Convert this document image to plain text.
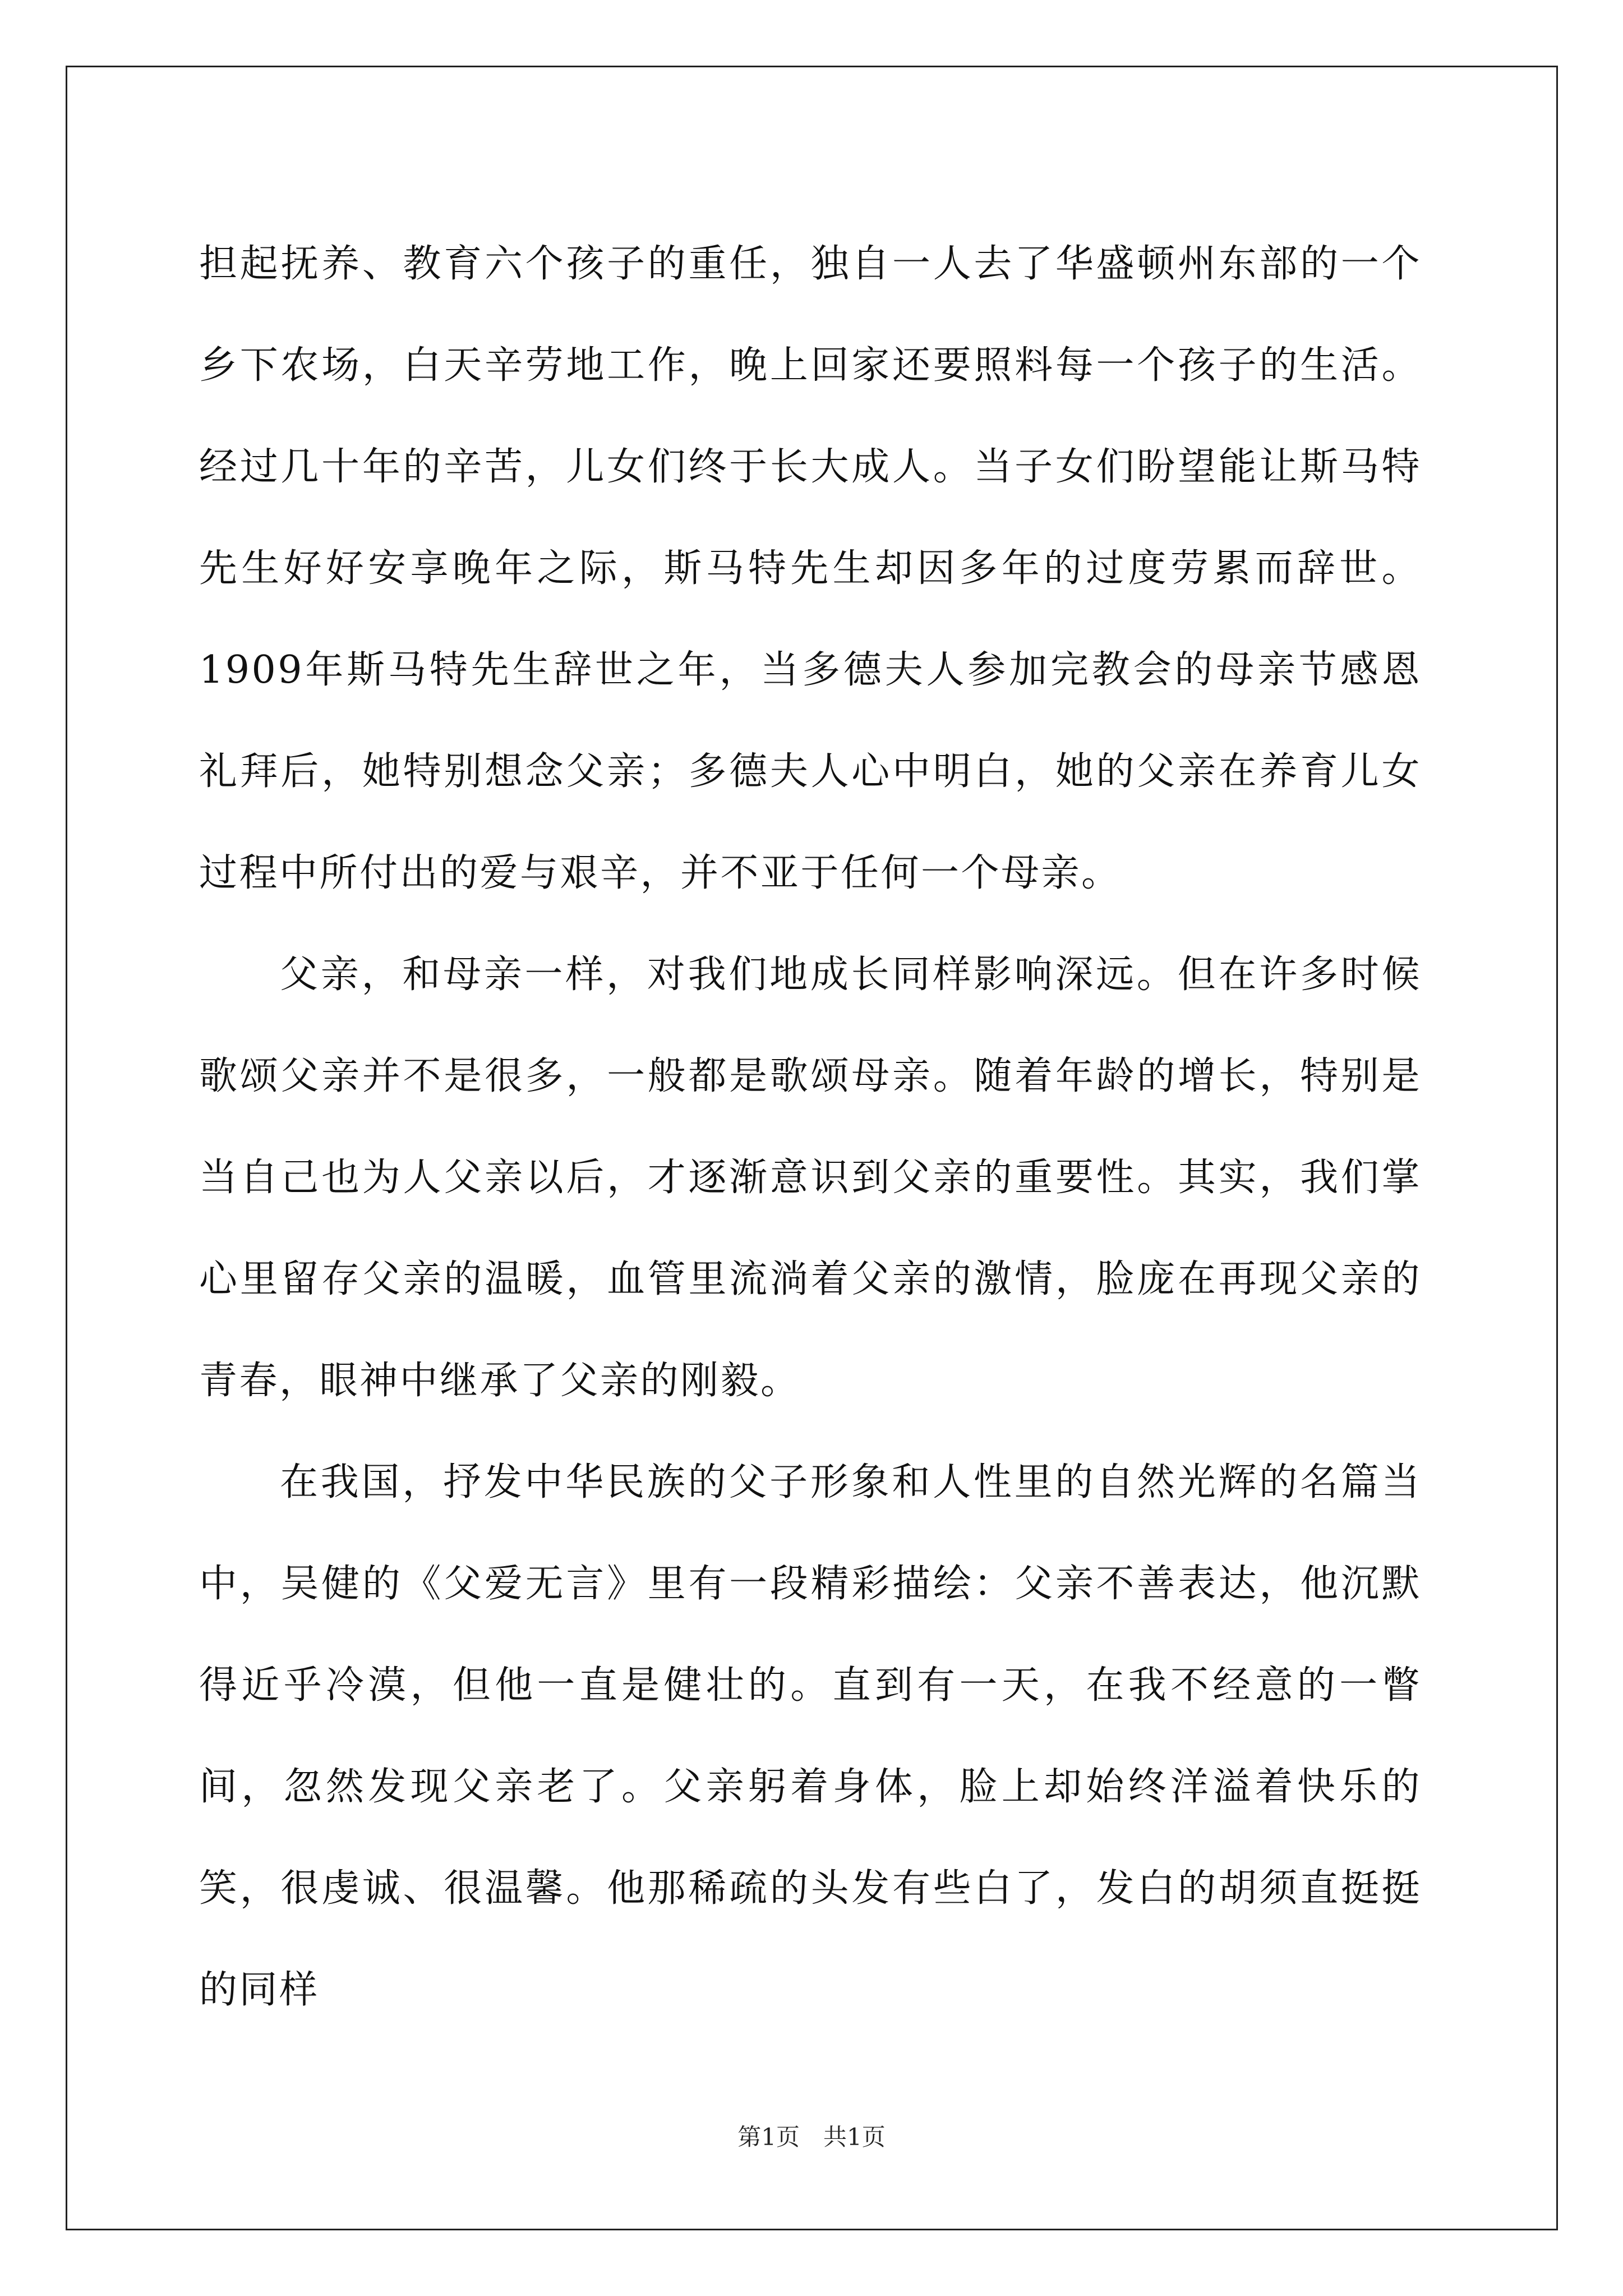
担起抚养、教育六个孩子的重任，独自一人去了华盛顿州东部的一个乡下农场，白天辛劳地工作，晚上回家还要照料每一个孩子的生活。经过几十年的辛苦，儿女们终于长大成人。当子女们盼望能让斯马特先生好好安享晚年之际，斯马特先生却因多年的过度劳累而辞世。1909年斯马特先生辞世之年，当多德夫人参加完教会的母亲节感恩礼拜后，她特别想念父亲；多德夫人心中明白，她的父亲在养育儿女过程中所付出的爱与艰辛，并不亚于任何一个母亲。

父亲，和母亲一样，对我们地成长同样影响深远。但在许多时候歌颂父亲并不是很多，一般都是歌颂母亲。随着年龄的增长，特别是当自己也为人父亲以后，才逐渐意识到父亲的重要性。其实，我们掌心里留存父亲的温暖，血管里流淌着父亲的激情，脸庞在再现父亲的青春，眼神中继承了父亲的刚毅。

在我国，抒发中华民族的父子形象和人性里的自然光辉的名篇当中，吴健的《父爱无言》里有一段精彩描绘：父亲不善表达，他沉默得近乎冷漠，但他一直是健壮的。直到有一天，在我不经意的一瞥间，忽然发现父亲老了。父亲躬着身体，脸上却始终洋溢着快乐的笑，很虔诚、很温馨。他那稀疏的头发有些白了，发白的胡须直挺挺的同样

第1页　共1页
